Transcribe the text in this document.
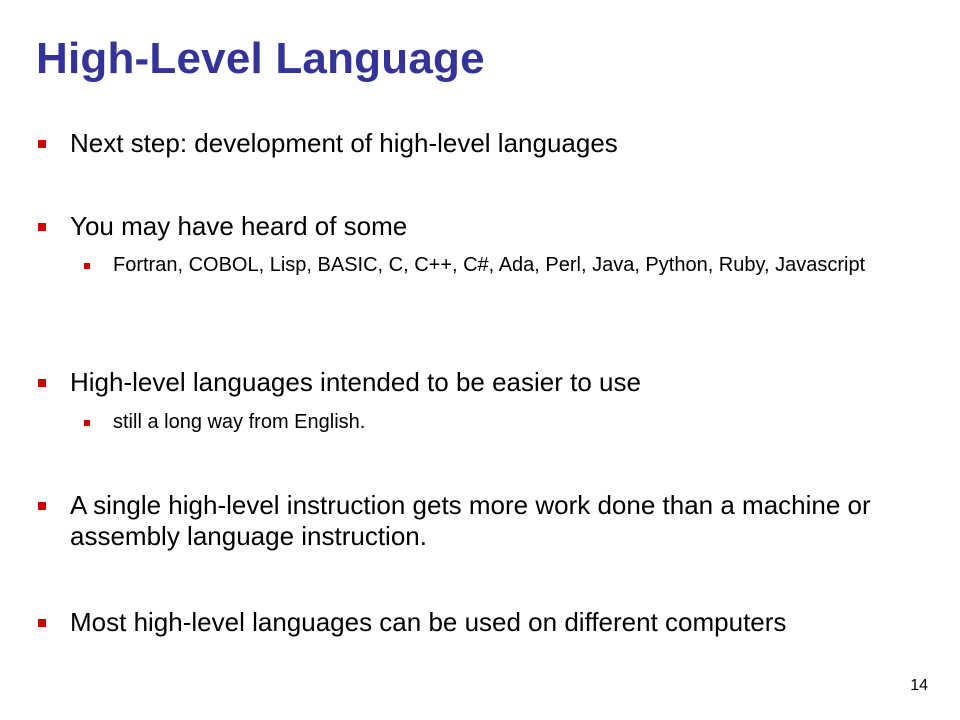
High-Level Language
Next step: development of high-level languages
You may have heard of some
Fortran, COBOL, Lisp, BASIC, C, C++, C#, Ada, Perl, Java, Python, Ruby, Javascript
High-level languages intended to be easier to use
still a long way from English.
A single high-level instruction gets more work done than a machine or assembly language instruction.
Most high-level languages can be used on different computers
14
